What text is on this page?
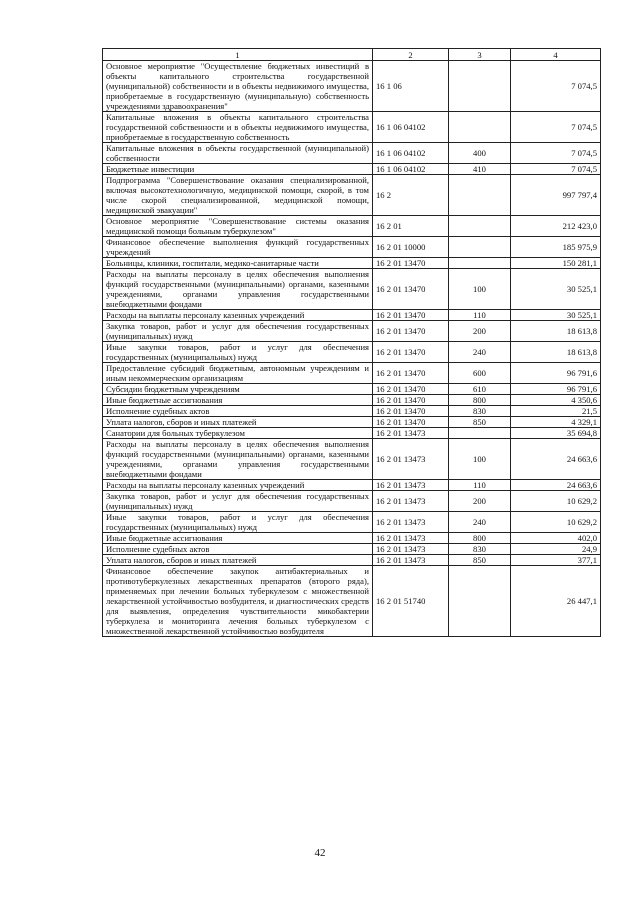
1	2	3	4
Основное мероприятие "Осуществление бюджетных инвестиций в объекты капитального строительства государственной (муниципальной) собственности и в объекты недвижимого имущества, приобретаемые в государственную (муниципальную) собственность учреждениями здравоохранения"	16 1 06		7 074,5
Капитальные вложения в объекты капитального строительства государственной собственности и в объекты недвижимого имущества, приобретаемые в государственную собственность	16 1 06 04102		7 074,5
Капитальные вложения в объекты государственной (муниципальной) собственности	16 1 06 04102	400	7 074,5
Бюджетные инвестиции	16 1 06 04102	410	7 074,5
Подпрограмма "Совершенствование оказания специализированной, включая высокотехнологичную, медицинской помощи, скорой, в том числе скорой специализированной, медицинской помощи, медицинской эвакуации"	16 2		997 797,4
Основное мероприятие "Совершенствование системы оказания медицинской помощи больным туберкулезом"	16 2 01		212 423,0
Финансовое обеспечение выполнения функций государственных учреждений	16 2 01 10000		185 975,9
Больницы, клиники, госпитали, медико-санитарные части	16 2 01 13470		150 281,1
Расходы на выплаты персоналу в целях обеспечения выполнения функций государственными (муниципальными) органами, казенными учреждениями, органами управления государственными внебюджетными фондами	16 2 01 13470	100	30 525,1
Расходы на выплаты персоналу казенных учреждений	16 2 01 13470	110	30 525,1
Закупка товаров, работ и услуг для обеспечения государственных (муниципальных) нужд	16 2 01 13470	200	18 613,8
Иные закупки товаров, работ и услуг для обеспечения государственных (муниципальных) нужд	16 2 01 13470	240	18 613,8
Предоставление субсидий бюджетным, автономным учреждениям и иным некоммерческим организациям	16 2 01 13470	600	96 791,6
Субсидии бюджетным учреждениям	16 2 01 13470	610	96 791,6
Иные бюджетные ассигнования	16 2 01 13470	800	4 350,6
Исполнение судебных актов	16 2 01 13470	830	21,5
Уплата налогов, сборов и иных платежей	16 2 01 13470	850	4 329,1
Санатории для больных туберкулезом	16 2 01 13473		35 694,8
Расходы на выплаты персоналу в целях обеспечения выполнения функций государственными (муниципальными) органами, казенными учреждениями, органами управления государственными внебюджетными фондами	16 2 01 13473	100	24 663,6
Расходы на выплаты персоналу казенных учреждений	16 2 01 13473	110	24 663,6
Закупка товаров, работ и услуг для обеспечения государственных (муниципальных) нужд	16 2 01 13473	200	10 629,2
Иные закупки товаров, работ и услуг для обеспечения государственных (муниципальных) нужд	16 2 01 13473	240	10 629,2
Иные бюджетные ассигнования	16 2 01 13473	800	402,0
Исполнение судебных актов	16 2 01 13473	830	24,9
Уплата налогов, сборов и иных платежей	16 2 01 13473	850	377,1
Финансовое обеспечение закупок антибактериальных и противотуберкулезных лекарственных препаратов (второго ряда), применяемых при лечении больных туберкулезом с множественной лекарственной устойчивостью возбудителя, и диагностических средств для выявления, определения чувствительности микобактерии туберкулеза и мониторинга лечения больных туберкулезом с множественной лекарственной устойчивостью возбудителя	16 2 01 51740		26 447,1
42
